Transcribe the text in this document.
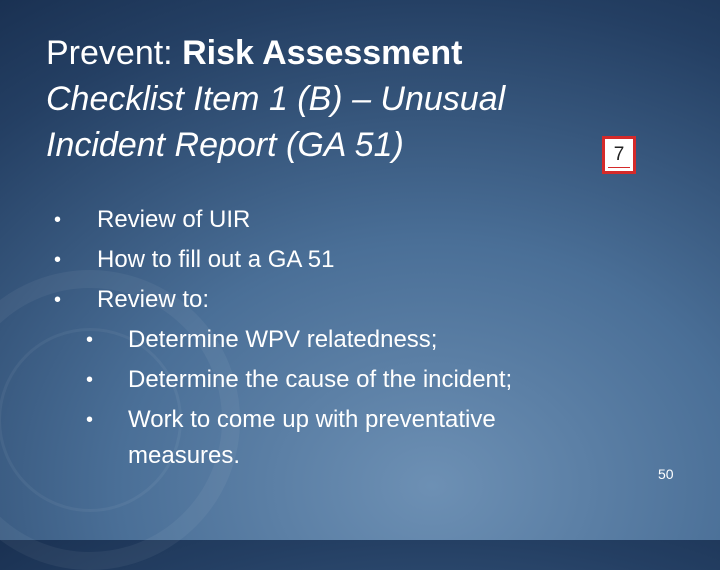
Prevent: Risk Assessment
Checklist Item 1 (B) – Unusual
Incident Report (GA 51)	7
• Review of UIR
• How to fill out a GA 51
• Review to:
• Determine WPV relatedness;
• Determine the cause of the incident;
• Work to come up with preventative
measures.
50
